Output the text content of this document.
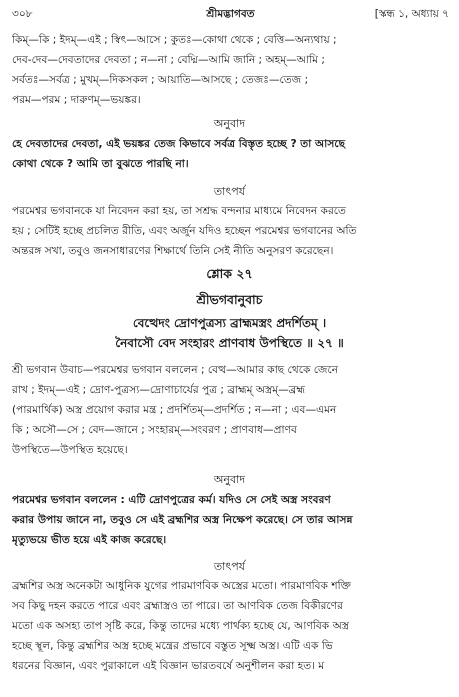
৩০৮	শ্রীমদ্ভাগবত	[স্কন্ধ ১, অধ্যায় ৭
কিম্—কি ; ইদম্—এই ; স্বিৎ—আসে ; কুতঃ—কোথা থেকে ; বেত্তি—অন্যথায় ;
দেব-দেব—দেবতাদের দেবতা ; ন—না ; বেদ্মি—আমি জানি ; অহম্—আমি ;
সর্বতঃ—সর্বত্র ; মুখম্—দিকসকল ; আয়াতি—আসছে ; তেজঃ—তেজ ;
পরম—পরম ; দারুণম্—ভয়ঙ্কর।
অনুবাদ
হে দেবতাদের দেবতা, এই ভয়ঙ্কর তেজ কিভাবে সর্বত্র বিস্তৃত হচ্ছে ? তা আসছে
কোথা থেকে ? আমি তা বুঝতে পারছি না।
তাৎপর্য
পরমেশ্বর ভগবানকে যা নিবেদন করা হয়, তা সশ্রদ্ধ বন্দনার মাধ্যমে নিবেদন করতে
হয় ; সেটিই হচ্ছে প্রচলিত রীতি, এবং অর্জুন যদিও হচ্ছেন পরমেশ্বর ভগবানের অতি
অন্তরঙ্গ সখা, তবুও জনসাধারণের শিক্ষার্থে তিনি সেই নীতি অনুসরণ করেছেন।
শ্লোক ২৭
শ্রীভগবানুবাচ
বেত্থেদং দ্রোণপুত্রস্য ব্রাহ্মমস্ত্রং প্রদর্শিতম্ ।
নৈবাসৌ বেদ সংহারং প্রাণবাধ উপস্থিতে ॥ ২৭ ॥
শ্রী ভগবান উবাচ—পরমেশ্বর ভগবান বললেন ; বেত্থ—আমার কাছ থেকে জেনে
রাখ ; ইদম্—এই ; দ্রোণ-পুত্রস্য—দ্রোণাচার্যের পুত্র ; ব্রাহ্মম্ অস্ত্রম্—ব্রহ্ম
(পারমার্থিক) অস্ত্র প্রয়োগ করার মন্ত্র ; প্রদর্শিতম্—প্রদর্শিত ; ন—না ; এব—এমন
কি ; অসৌ—সে ; বেদ—জানে ; সংহারম্—সংবরণ ; প্রাণবাধ—প্রাণব
উপস্থিতে—উপস্থিত হয়েছে।
অনুবাদ
পরমেশ্বর ভগবান বললেন : এটি দ্রোণপুত্রের কর্ম। যদিও সে সেই অস্ত্র সংবরণ
করার উপায় জানে না, তবুও সে এই ব্রহ্মশির অস্ত্র নিক্ষেপ করেছে। সে তার আসন্ন
মৃত্যুভয়ে ভীত হয়ে এই কাজ করেছে।
তাৎপর্য
ব্রহ্মশির অস্ত্র অনেকটা আধুনিক যুগের পারমাণবিক অস্ত্রের মতো। পারমাণবিক শক্তি
সব কিছু দহন করতে পারে এবং ব্রহ্মাস্ত্রও তা পারে। তা আণবিক তেজ বিকীরণের
মতো এক অসহ্য তাপ সৃষ্টি করে, কিন্তু তাদের মধ্যে পার্থক্য হচ্ছে যে, আণবিক অস্ত্র
হচ্ছে স্থূল, কিন্তু ব্রহ্মশির অস্ত্র হচ্ছে মন্ত্রের প্রভাবে বস্তুত সূক্ষ্ম অস্ত্র। এটি এক ভি
ধরনের বিজ্ঞান, এবং পুরাকালে এই বিজ্ঞান ভারতবর্ষে অনুশীলন করা হত। ম
